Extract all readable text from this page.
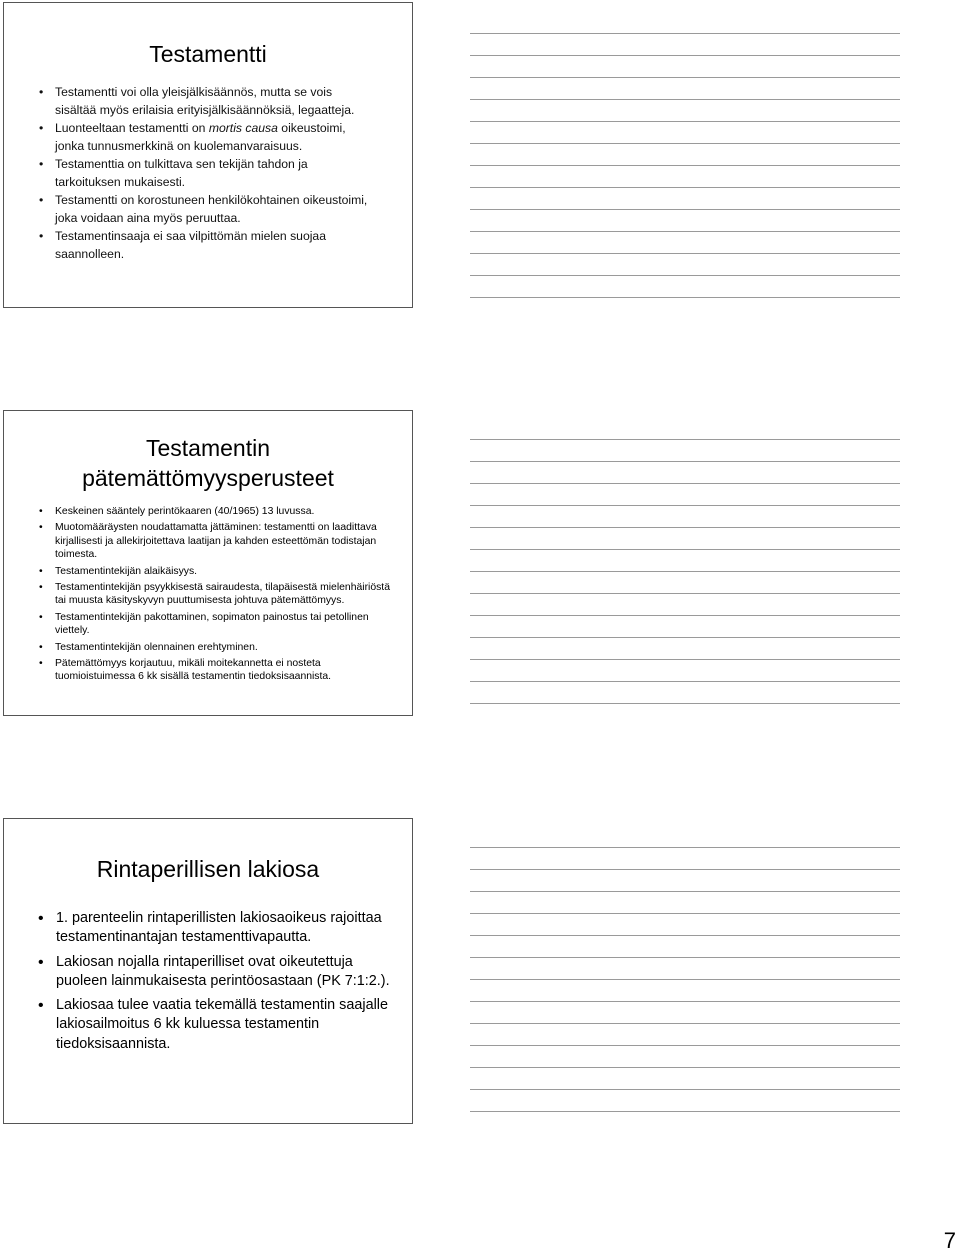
Testamentti
• Testamentti voi olla yleisjälkisäännös, mutta se vois sisältää myös erilaisia erityisjälkisäännöksiä, legaatteja.
• Luonteeltaan testamentti on mortis causa oikeustoimi, jonka tunnusmerkkinä on kuolemanvaraisuus.
• Testamenttia on tulkittava sen tekijän tahdon ja tarkoituksen mukaisesti.
• Testamentti on korostuneen henkilökohtainen oikeustoimi, joka voidaan aina myös peruuttaa.
• Testamentinsaaja ei saa vilpittömän mielen suojaa saannolleen.
Testamentin pätemättömyysperusteet
• Keskeinen sääntely perintökaaren (40/1965) 13 luvussa.
• Muotomääräysten noudattamatta jättäminen: testamentti on laadittava kirjallisesti ja allekirjoitettava laatijan ja kahden esteettömän todistajan toimesta.
• Testamentintekijän alaikäisyys.
• Testamentintekijän psyykkisestä sairaudesta, tilapäisestä mielenhäiriöstä tai muusta käsityskyvyn puuttumisesta johtuva pätemättömyys.
• Testamentintekijän pakottaminen, sopimaton painostus tai petollinen viettely.
• Testamentintekijän olennainen erehtyminen.
• Pätemättömyys korjautuu, mikäli moitekannetta ei nosteta tuomioistuimessa 6 kk sisällä testamentin tiedoksisaannista.
Rintaperillisen lakiosa
• 1. parenteelin rintaperillisten lakiosaoikeus rajoittaa testamentinantajan testamenttivapautta.
• Lakiosan nojalla rintaperilliset ovat oikeutettuja puoleen lainmukaisesta perintöosastaan (PK 7:1:2.).
• Lakiosaa tulee vaatia tekemällä testamentin saajalle lakiosailmoitus 6 kk kuluessa testamentin tiedoksisaannista.
7
